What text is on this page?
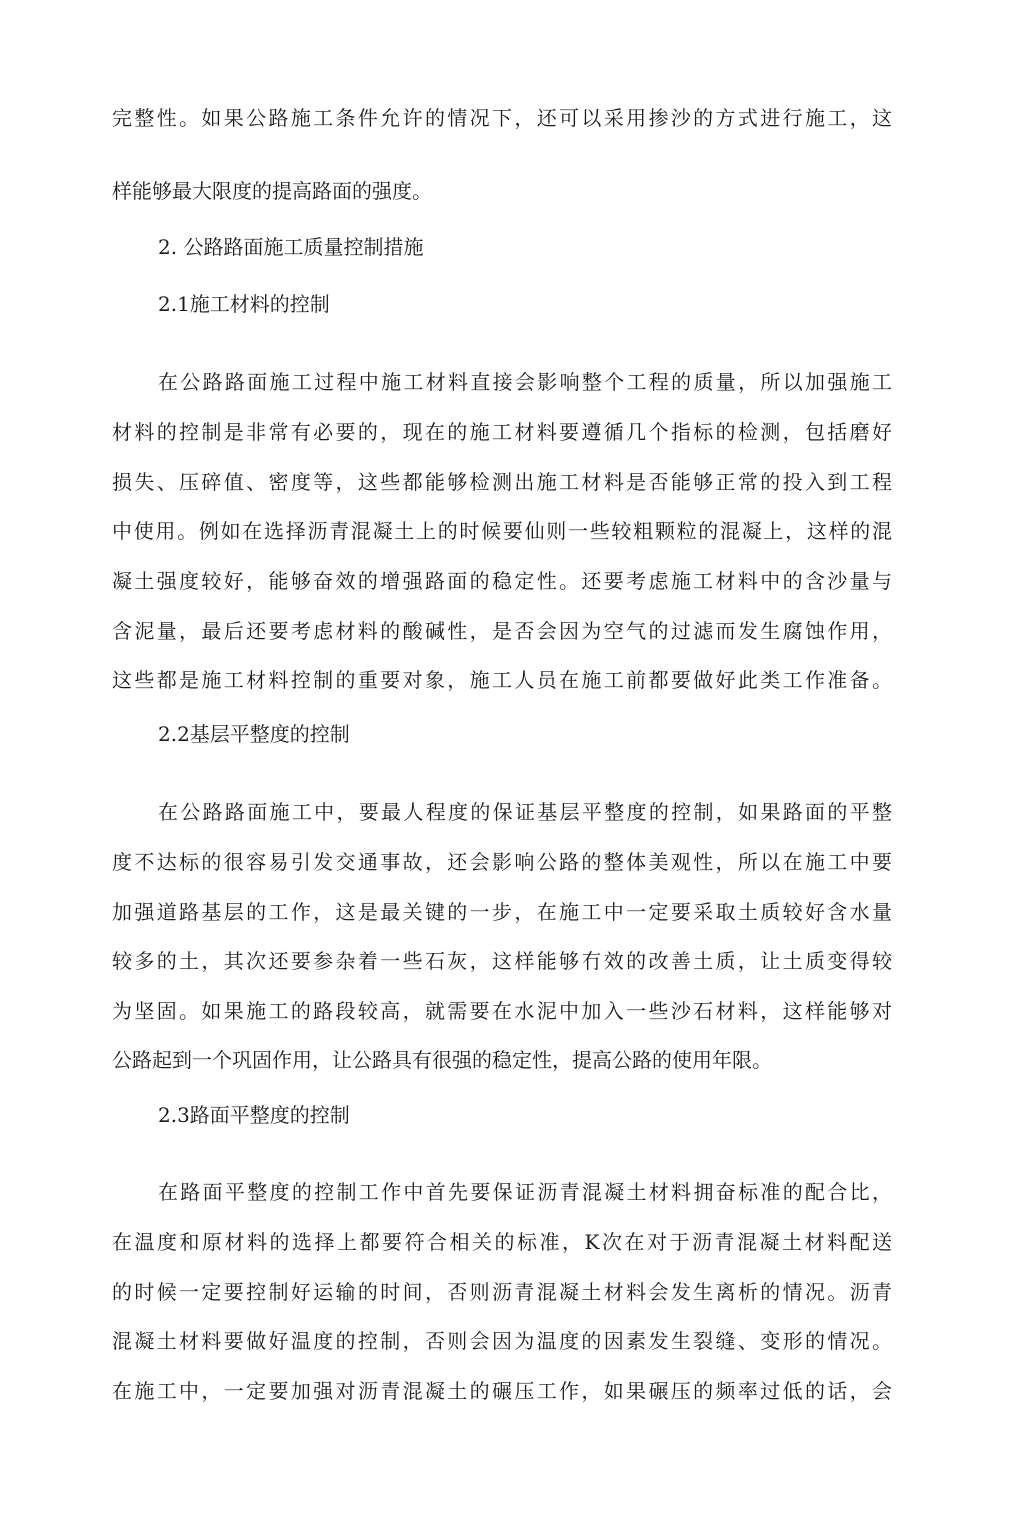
完整性。如果公路施工条件允许的情况下，还可以采用掺沙的方式进行施工，这
样能够最大限度的提高路面的强度。
2. 公路路面施工质量控制措施
2.1施工材料的控制
在公路路面施工过程中施工材料直接会影响整个工程的质量，所以加强施工
材料的控制是非常有必要的，现在的施工材料要遵循几个指标的检测，包括磨好
损失、压碎值、密度等，这些都能够检测出施工材料是否能够正常的投入到工程
中使用。例如在选择沥青混凝土上的时候要仙则一些较粗颗粒的混凝上，这样的混
凝土强度较好，能够奋效的增强路面的稳定性。还要考虑施工材料中的含沙量与
含泥量，最后还要考虑材料的酸碱性，是否会因为空气的过滤而发生腐蚀作用，
这些都是施工材料控制的重要对象，施工人员在施工前都要做好此类工作准备。
2.2基层平整度的控制
在公路路面施工中，要最人程度的保证基层平整度的控制，如果路面的平整
度不达标的很容易引发交通事故，还会影响公路的整体美观性，所以在施工中要
加强道路基层的工作，这是最关键的一步，在施工中一定要采取土质较好含水量
较多的土，其次还要参杂着一些石灰，这样能够冇效的改善土质，让土质变得较
为坚固。如果施工的路段较高，就需要在水泥中加入一些沙石材料，这样能够对
公路起到一个巩固作用，让公路具有很强的稳定性，提高公路的使用年限。
2.3路面平整度的控制
在路面平整度的控制工作中首先要保证沥青混凝土材料拥奋标准的配合比，
在温度和原材料的选择上都要符合相关的标准，K次在对于沥青混凝土材料配送
的时候一定要控制好运输的时间，否则沥青混凝土材料会发生离析的情况。沥青
混凝土材料要做好温度的控制，否则会因为温度的因素发生裂缝、变形的情况。
在施工中，一定要加强对沥青混凝土的碾压工作，如果碾压的频率过低的话，会
